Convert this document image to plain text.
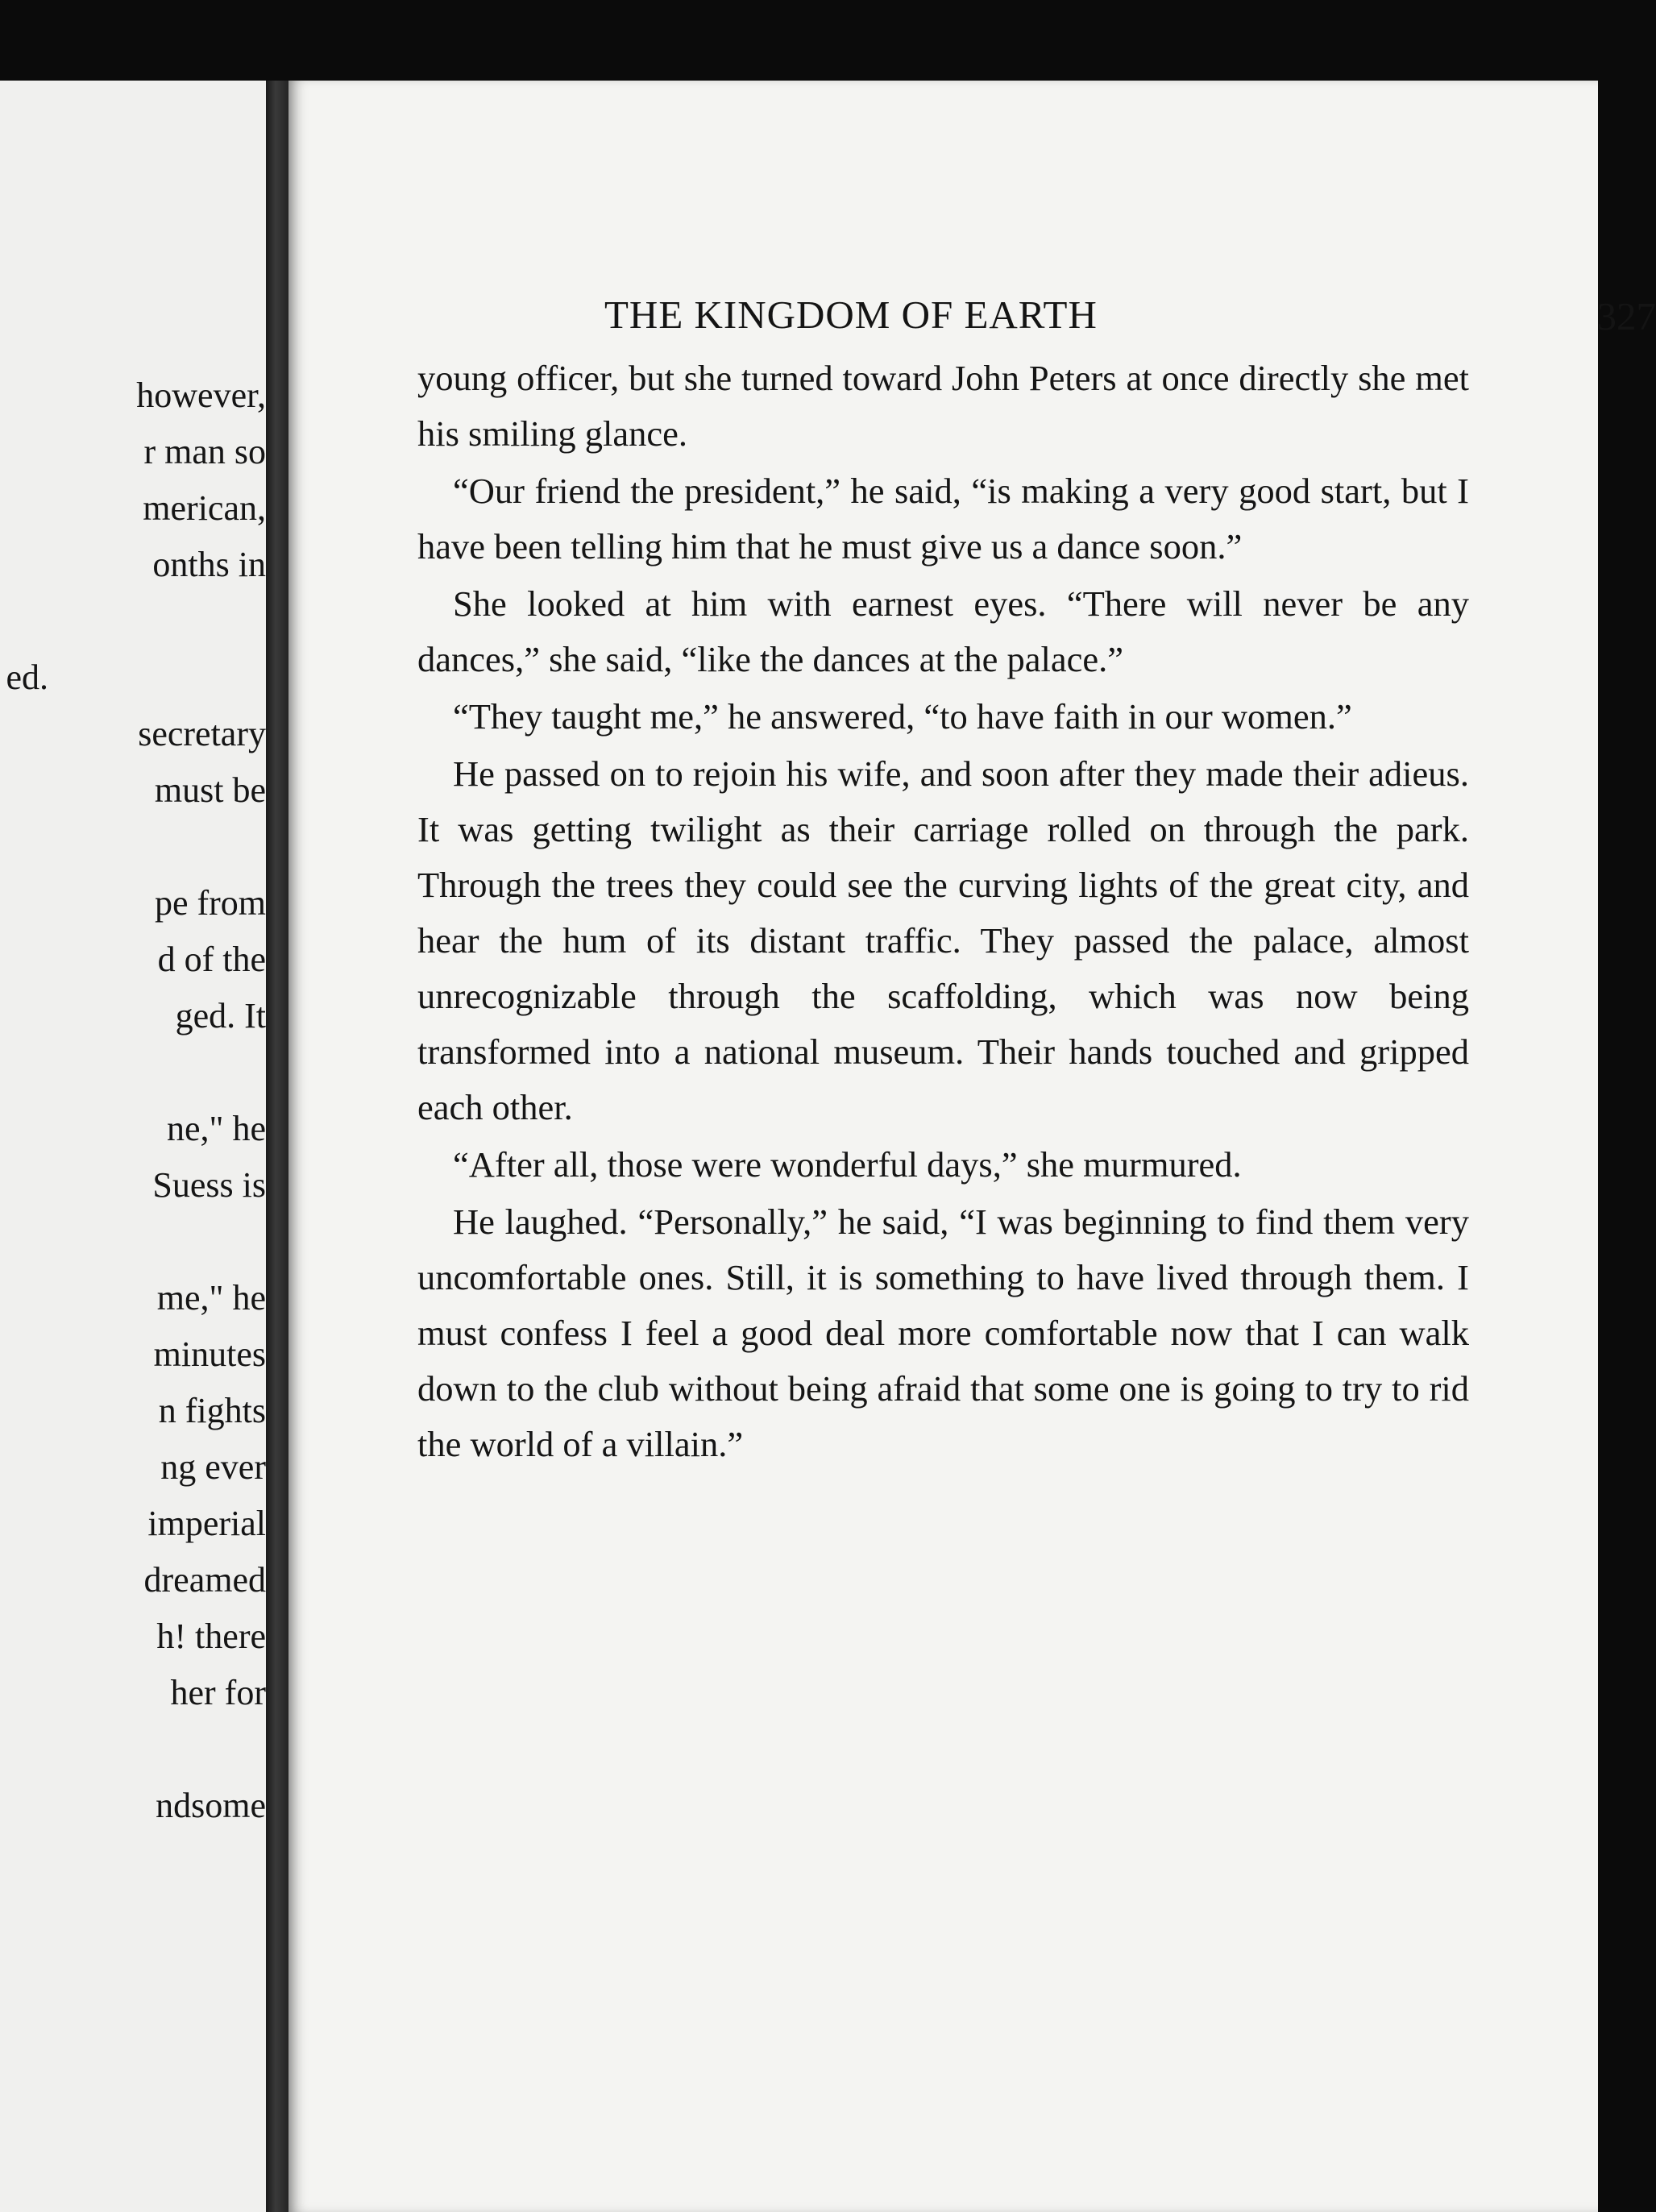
however,
r man so
merican,
onths in
ed.
secretary
must be
pe from
d of the
ged. It
ne," he
Suess is
me," he
minutes
n fights
ng ever
imperial
dreamed
h! there
her for
ndsome
THE KINGDOM OF EARTH	327

young officer, but she turned toward John Peters at once directly she met his smiling glance.

“Our friend the president,” he said, “is making a very good start, but I have been telling him that he must give us a dance soon.”

She looked at him with earnest eyes. “There will never be any dances,” she said, “like the dances at the palace.”

“They taught me,” he answered, “to have faith in our women.”

He passed on to rejoin his wife, and soon after they made their adieus. It was getting twilight as their carriage rolled on through the park. Through the trees they could see the curving lights of the great city, and hear the hum of its distant traffic. They passed the palace, almost unrecognizable through the scaffolding, which was now being transformed into a national museum. Their hands touched and gripped each other.

“After all, those were wonderful days,” she murmured.

He laughed. “Personally,” he said, “I was beginning to find them very uncomfortable ones. Still, it is something to have lived through them. I must confess I feel a good deal more comfortable now that I can walk down to the club without being afraid that some one is going to try to rid the world of a villain.”
